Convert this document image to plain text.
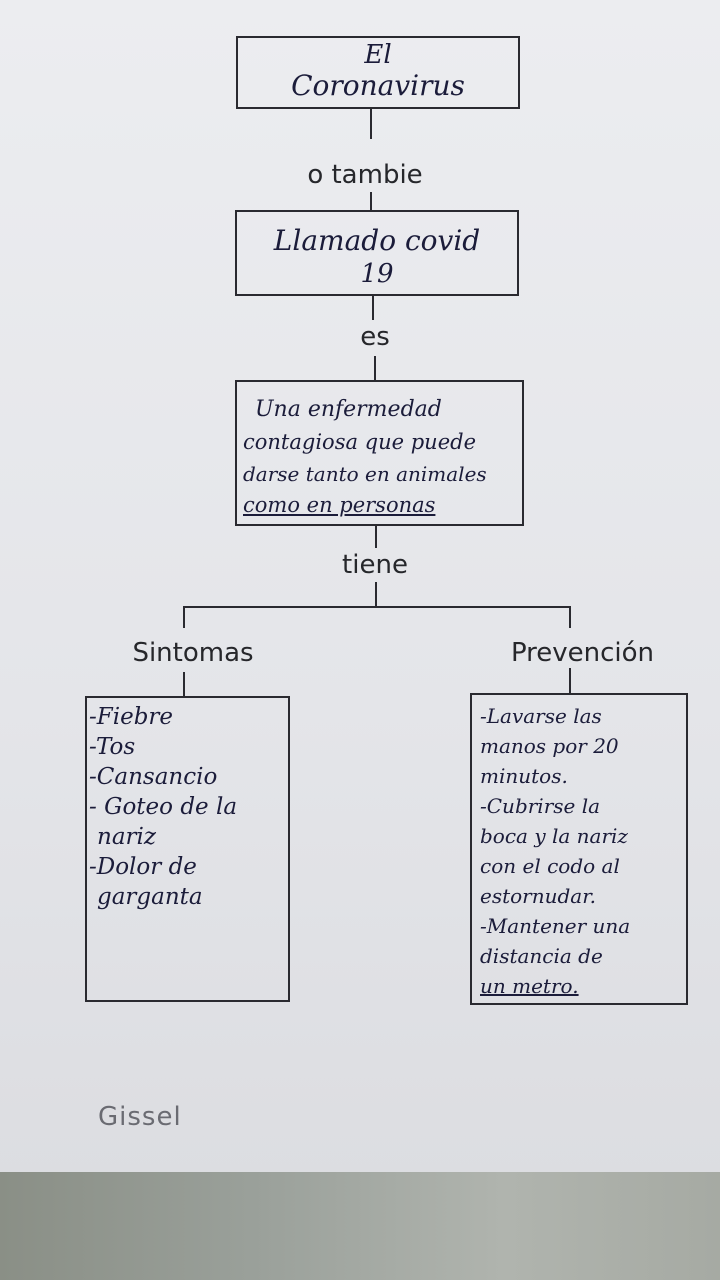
El
Coronavirus
o tambie
Llamado covid
19
es
Una enfermedad
contagiosa que puede
darse tanto en animales
como en personas
tiene
Sintomas	Prevención
-Fiebre
-Tos
-Cansancio
- Goteo de la
nariz
-Dolor de
garganta
-Lavarse las
manos por 20
minutos.
-Cubrirse la
boca y la nariz
con el codo al
estornudar.
-Mantener una
distancia de
un metro.
Gissel
